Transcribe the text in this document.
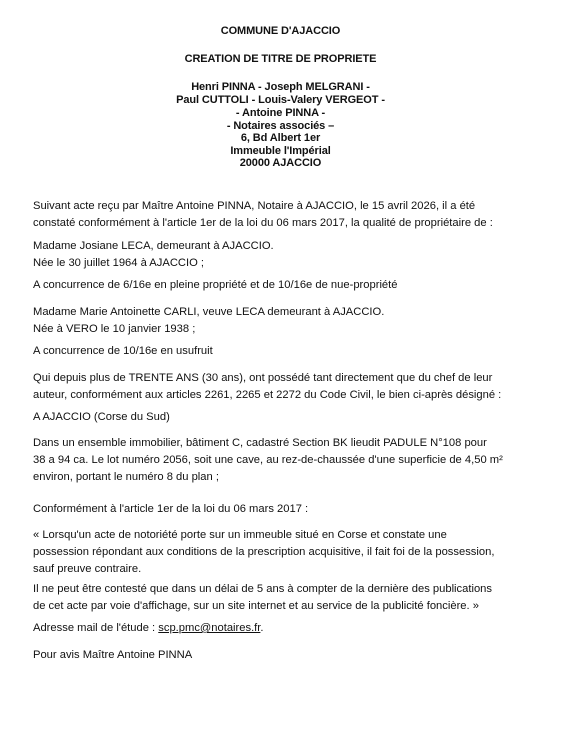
COMMUNE D'AJACCIO
CREATION DE TITRE DE PROPRIETE
Henri PINNA - Joseph MELGRANI -
Paul CUTTOLI - Louis-Valery VERGEOT -
- Antoine PINNA -
- Notaires associés –
6, Bd Albert 1er
Immeuble l'Impérial
20000 AJACCIO
Suivant acte reçu par Maître Antoine PINNA, Notaire à AJACCIO, le 15 avril 2026, il a été
constaté conformément à l'article 1er de la loi du 06 mars 2017, la qualité de propriétaire de :
Madame Josiane LECA, demeurant à AJACCIO.
Née le 30 juillet 1964 à AJACCIO ;
A concurrence de 6/16e en pleine propriété et de 10/16e de nue-propriété
Madame Marie Antoinette CARLI, veuve LECA demeurant à AJACCIO.
Née à VERO le 10 janvier 1938 ;
A concurrence de 10/16e en usufruit
Qui depuis plus de TRENTE ANS (30 ans), ont possédé tant directement que du chef de leur
auteur, conformément aux articles 2261, 2265 et 2272 du Code Civil, le bien ci-après désigné :
A AJACCIO (Corse du Sud)
Dans un ensemble immobilier, bâtiment C, cadastré Section BK lieudit PADULE N°108 pour
38 a 94 ca. Le lot numéro 2056, soit une cave, au rez-de-chaussée d'une superficie de 4,50 m²
environ, portant le numéro 8 du plan ;
Conformément à l'article 1er de la loi du 06 mars 2017 :
« Lorsqu'un acte de notoriété porte sur un immeuble situé en Corse et constate une
possession répondant aux conditions de la prescription acquisitive, il fait foi de la possession,
sauf preuve contraire.
Il ne peut être contesté que dans un délai de 5 ans à compter de la dernière des publications
de cet acte par voie d'affichage, sur un site internet et au service de la publicité foncière. »
Adresse mail de l'étude : scp.pmc@notaires.fr.
Pour avis Maître Antoine PINNA
